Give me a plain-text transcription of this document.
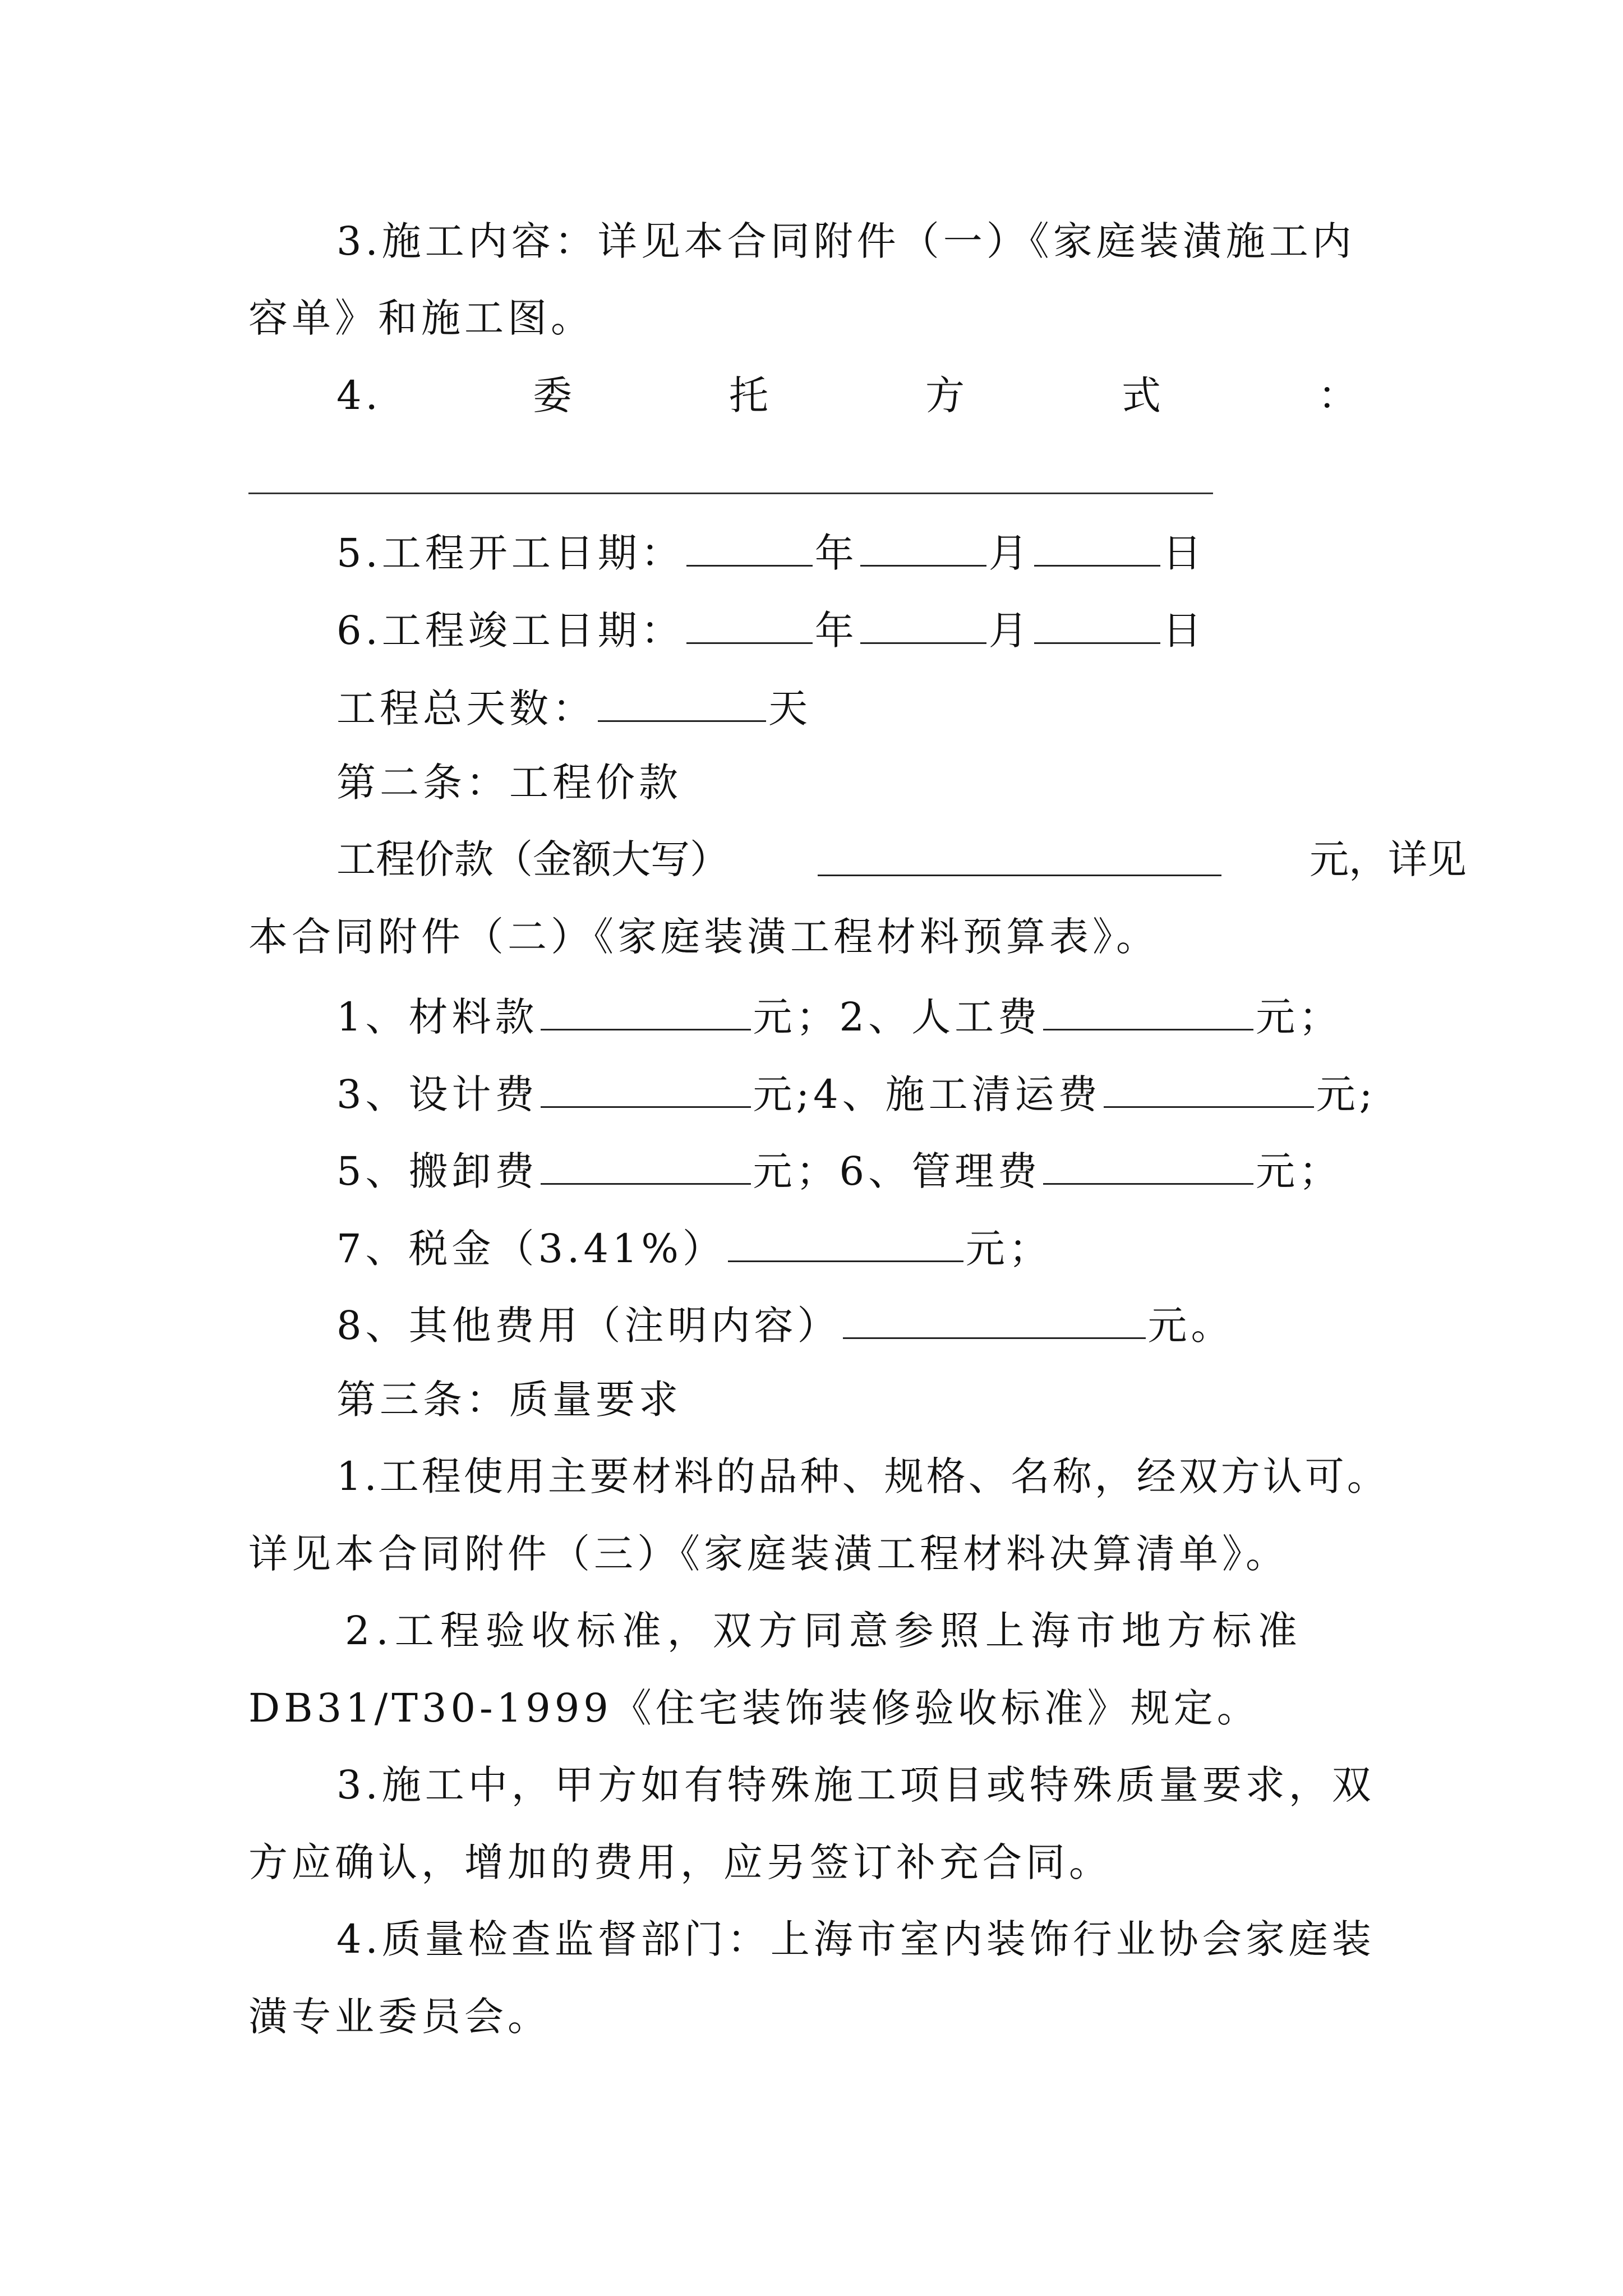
3.施工内容：详见本合同附件（一）《家庭装潢施工内
容单》和施工图。
4.	委	托	方	式	：
5.工程开工日期：	年	月	日
6.工程竣工日期：	年	月	日
工程总天数：	天
第二条：工程价款
工程价款（金额大写）	元，详见
本合同附件（二）《家庭装潢工程材料预算表》。
1、材料款	元；2、人工费	元；
3、设计费	元;4、施工清运费	元;
5、搬卸费	元；6、管理费	元；
7、税金（3.41%）	元；
8、其他费用（注明内容）	元。
第三条：质量要求
1.工程使用主要材料的品种、规格、名称，经双方认可。
详见本合同附件（三）《家庭装潢工程材料决算清单》。
2.工程验收标准，双方同意参照上海市地方标准
DB31/T30-1999《住宅装饰装修验收标准》规定。
3.施工中，甲方如有特殊施工项目或特殊质量要求，双
方应确认，增加的费用，应另签订补充合同。
4.质量检查监督部门：上海市室内装饰行业协会家庭装
潢专业委员会。
